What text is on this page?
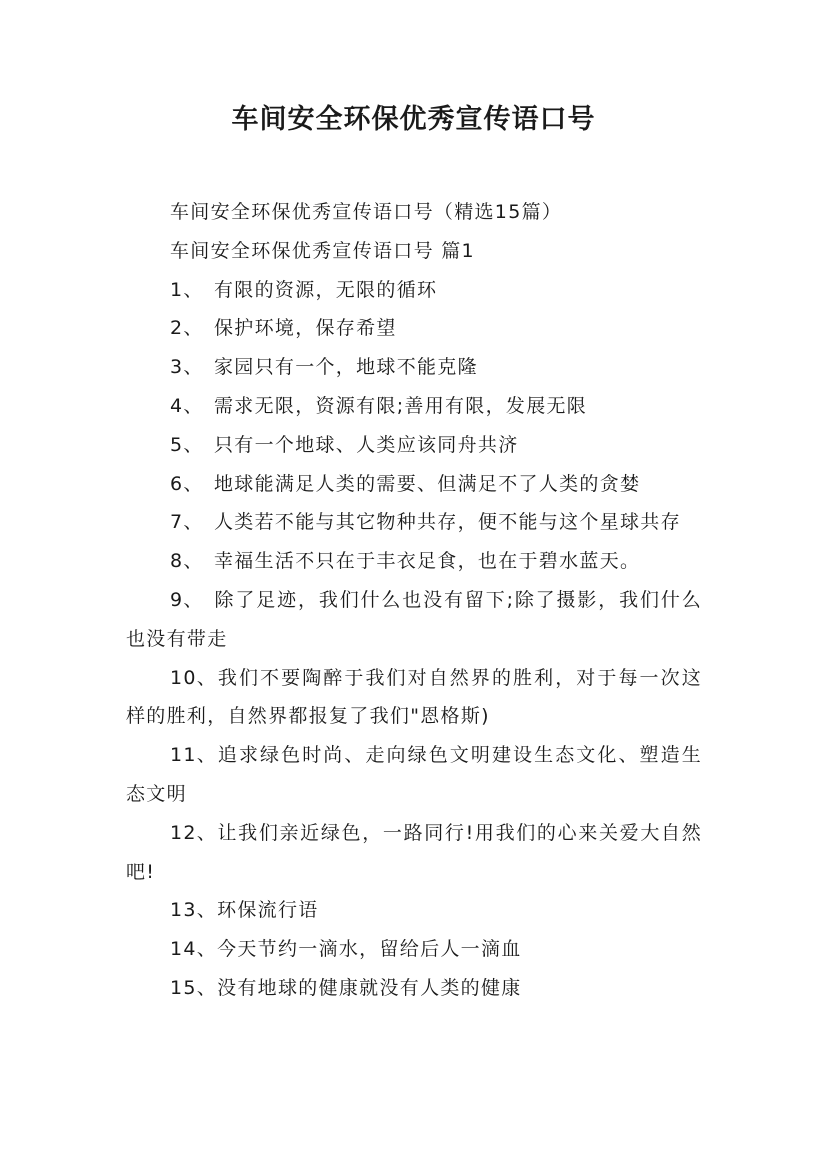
车间安全环保优秀宣传语口号

车间安全环保优秀宣传语口号（精选15篇）

车间安全环保优秀宣传语口号 篇1

1、 有限的资源，无限的循环

2、 保护环境，保存希望

3、 家园只有一个，地球不能克隆

4、 需求无限，资源有限;善用有限，发展无限

5、 只有一个地球、人类应该同舟共济

6、 地球能满足人类的需要、但满足不了人类的贪婪

7、 人类若不能与其它物种共存，便不能与这个星球共存

8、 幸福生活不只在于丰衣足食，也在于碧水蓝天。

9、 除了足迹，我们什么也没有留下;除了摄影，我们什么也没有带走

10、我们不要陶醉于我们对自然界的胜利，对于每一次这样的胜利，自然界都报复了我们"恩格斯)

11、追求绿色时尚、走向绿色文明建设生态文化、塑造生态文明

12、让我们亲近绿色，一路同行!用我们的心来关爱大自然吧!

13、环保流行语

14、今天节约一滴水，留给后人一滴血

15、没有地球的健康就没有人类的健康
